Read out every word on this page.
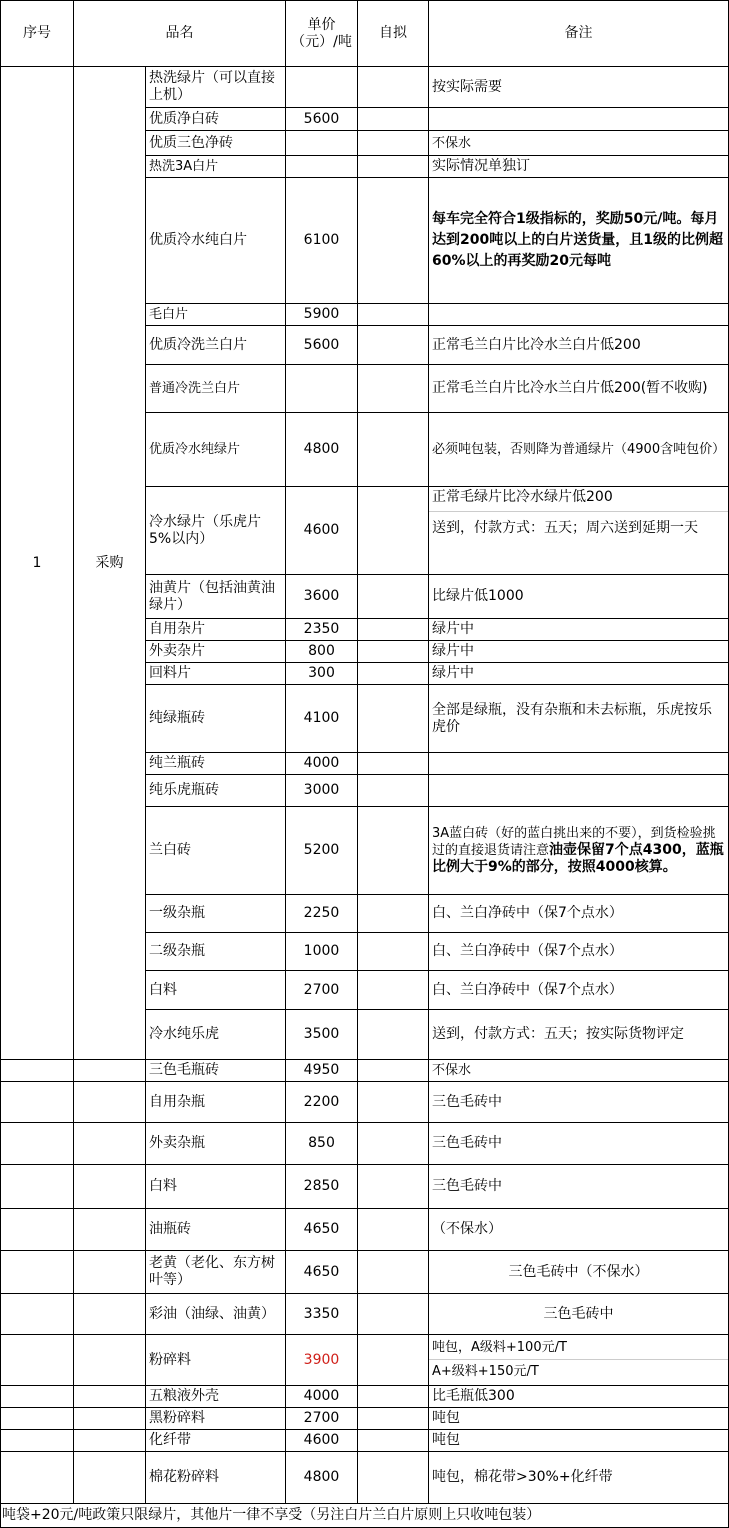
序号	品名		单价（元）/吨	自拟	备注
1	采购	热洗绿片（可以直接上机）			按实际需要
		优质净白砖	5600		
		优质三色净砖			不保水
		热洗3A白片			实际情况单独订
		优质冷水纯白片	6100		每车完全符合1级指标的，奖励50元/吨。每月达到200吨以上的白片送货量，且1级的比例超60%以上的再奖励20元每吨
		毛白片	5900		
		优质冷洗兰白片	5600		正常毛兰白片比冷水兰白片低200
		普通冷洗兰白片			正常毛兰白片比冷水兰白片低200(暂不收购)
		优质冷水纯绿片	4800		必须吨包装，否则降为普通绿片（4900含吨包价）
		冷水绿片（乐虎片5%以内）	4600		正常毛绿片比冷水绿片低200
送到，付款方式：五天；周六送到延期一天

		油黄片（包括油黄油绿片）	3600		比绿片低1000
		自用杂片	2350		绿片中
		外卖杂片	800		绿片中
		回料片	300		绿片中
		纯绿瓶砖	4100		全部是绿瓶，没有杂瓶和未去标瓶，乐虎按乐虎价
		纯兰瓶砖	4000		
		纯乐虎瓶砖	3000		
		兰白砖	5200		3A蓝白砖（好的蓝白挑出来的不要），到货检验挑过的直接退货请注意油壶保留7个点4300，蓝瓶比例大于9%的部分，按照4000核算。
		一级杂瓶	2250		白、兰白净砖中（保7个点水）
		二级杂瓶	1000		白、兰白净砖中（保7个点水）
		白料	2700		白、兰白净砖中（保7个点水）
		冷水纯乐虎	3500		送到，付款方式：五天；按实际货物评定
		三色毛瓶砖	4950		不保水
		自用杂瓶	2200		三色毛砖中
		外卖杂瓶	850		三色毛砖中
		白料	2850		三色毛砖中
		油瓶砖	4650		（不保水）
		老黄（老化、东方树叶等）	4650		三色毛砖中（不保水）
		彩油（油绿、油黄）	3350		三色毛砖中
		粉碎料	3900		吨包，A级料+100元/T
A+级料+150元/T

		五粮液外壳	4000		比毛瓶低300
		黑粉碎料	2700		吨包
		化纤带	4600		吨包
		棉花粉碎料	4800		吨包，棉花带>30%+化纤带
吨袋+20元/吨政策只限绿片，其他片一律不享受（另注白片兰白片原则上只收吨包装）					
